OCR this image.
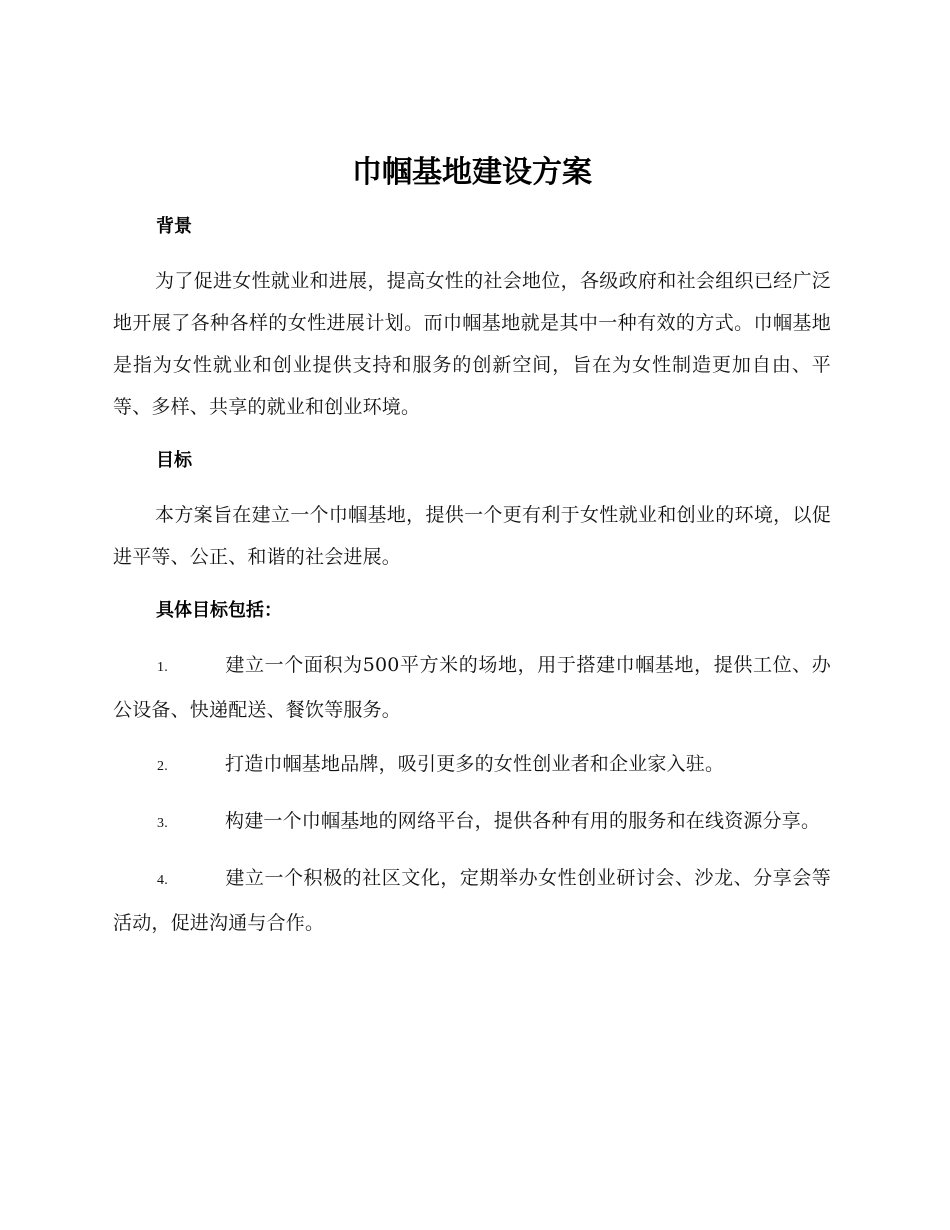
巾帼基地建设方案
背景

为了促进女性就业和进展，提高女性的社会地位，各级政府和社会组织已经广泛地开展了各种各样的女性进展计划。而巾帼基地就是其中一种有效的方式。巾帼基地是指为女性就业和创业提供支持和服务的创新空间，旨在为女性制造更加自由、平等、多样、共享的就业和创业环境。

目标

本方案旨在建立一个巾帼基地，提供一个更有利于女性就业和创业的环境，以促进平等、公正、和谐的社会进展。

具体目标包括：

1.	建立一个面积为500平方米的场地，用于搭建巾帼基地，提供工位、办公设备、快递配送、餐饮等服务。

2.	打造巾帼基地品牌，吸引更多的女性创业者和企业家入驻。

3.	构建一个巾帼基地的网络平台，提供各种有用的服务和在线资源分享。

4.	建立一个积极的社区文化，定期举办女性创业研讨会、沙龙、分享会等活动，促进沟通与合作。
